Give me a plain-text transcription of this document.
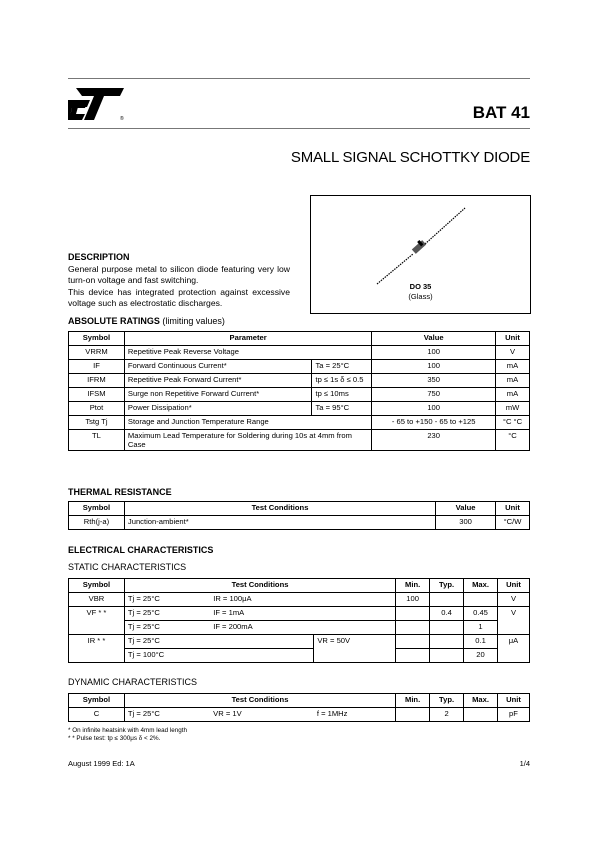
®	BAT 41
SMALL SIGNAL SCHOTTKY DIODE
DO 35
(Glass)
DESCRIPTION

General purpose metal to silicon diode featuring very low turn-on voltage and fast switching.

This device has integrated protection against excessive voltage such as electrostatic discharges.

ABSOLUTE RATINGS (limiting values)
Symbol	Parameter		Value	Unit
VRRM	Repetitive Peak Reverse Voltage		100	V
IF	Forward Continuous Current*	Ta = 25°C	100	mA
IFRM	Repetitive Peak Forward Current*	tp ≤ 1s δ ≤ 0.5	350	mA
IFSM	Surge non Repetitive Forward Current*	tp ≤ 10ms	750	mA
Ptot	Power Dissipation*	Ta = 95°C	100	mW
Tstg Tj	Storage and Junction Temperature Range		- 65 to +150 - 65 to +125	°C °C
TL	Maximum Lead Temperature for Soldering during 10s at 4mm from Case		230	°C
THERMAL RESISTANCE
Symbol	Test Conditions	Value	Unit
Rth(j-a)	Junction-ambient*	300	°C/W
ELECTRICAL CHARACTERISTICS
STATIC CHARACTERISTICS
Symbol	Test Conditions			Min.	Typ.	Max.	Unit
VBR	Tj = 25°C	IR = 100μA		100			V
VF * *	Tj = 25°C	IF = 1mA			0.4	0.45	V
	Tj = 25°C	IF = 200mA				1	
IR * *	Tj = 25°C		VR = 50V			0.1	μA
	Tj = 100°C					20	
DYNAMIC CHARACTERISTICS
Symbol	Test Conditions			Min.	Typ.	Max.	Unit
C	Tj = 25°C	VR = 1V	f = 1MHz		2		pF
* On infinite heatsink with 4mm lead length
* * Pulse test: tp ≤ 300μs δ < 2%.
August 1999 Ed: 1A	1/4
